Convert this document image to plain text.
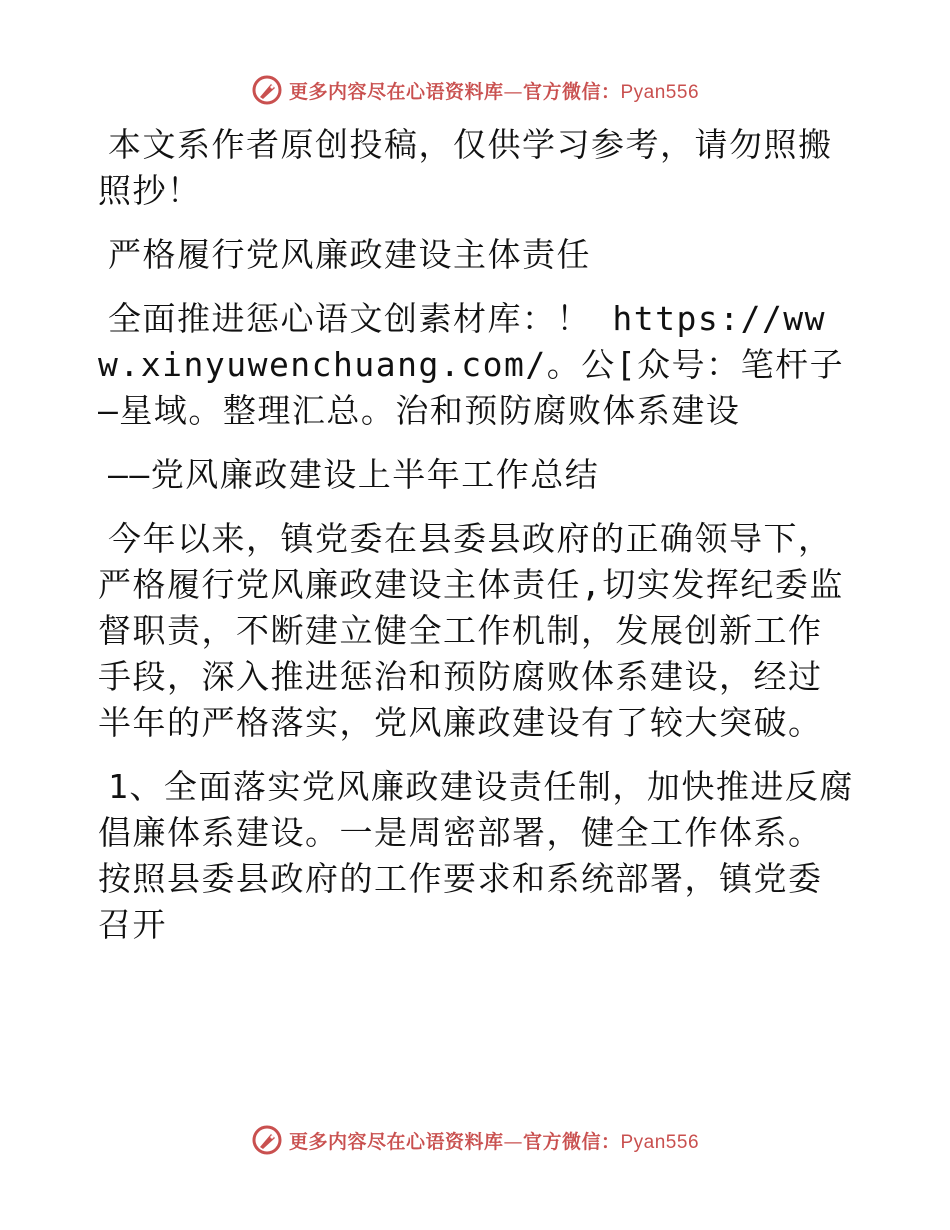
更多内容尽在心语资料库—官方微信：Pyan556

本文系作者原创投稿，仅供学习参考，请勿照搬照抄！

严格履行党风廉政建设主体责任

全面推进惩心语文创素材库：！ https://www.xinyuwenchuang.com/。公[众号：笔杆子—星域。整理汇总。治和预防腐败体系建设

——党风廉政建设上半年工作总结

今年以来，镇党委在县委县政府的正确领导下，严格履行党风廉政建设主体责任,切实发挥纪委监督职责，不断建立健全工作机制，发展创新工作手段，深入推进惩治和预防腐败体系建设，经过半年的严格落实，党风廉政建设有了较大突破。

1、全面落实党风廉政建设责任制，加快推进反腐倡廉体系建设。一是周密部署，健全工作体系。按照县委县政府的工作要求和系统部署，镇党委召开

更多内容尽在心语资料库—官方微信：Pyan556
